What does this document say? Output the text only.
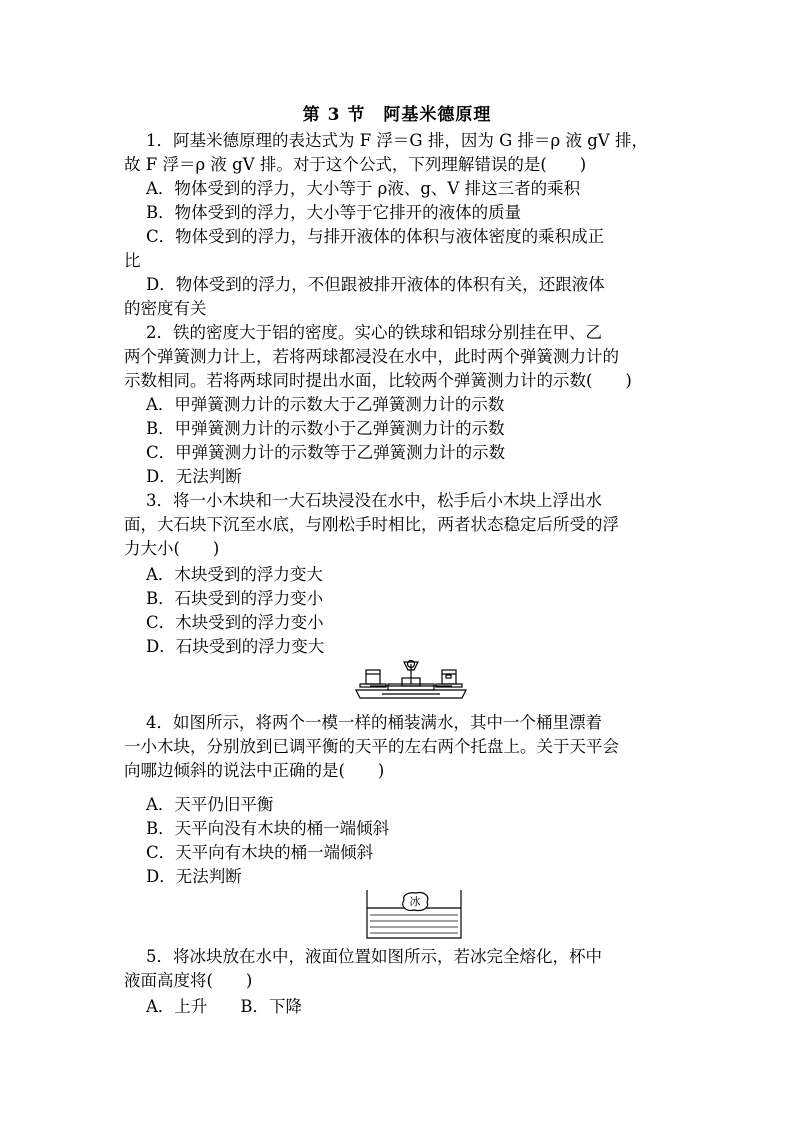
第 3 节　阿基米德原理
1．阿基米德原理的表达式为 F 浮＝G 排，因为 G 排＝ρ 液 gV 排，
故 F 浮＝ρ 液 gV 排。对于这个公式，下列理解错误的是(　　)
A．物体受到的浮力，大小等于 ρ液、g、V 排这三者的乘积
B．物体受到的浮力，大小等于它排开的液体的质量
C．物体受到的浮力，与排开液体的体积与液体密度的乘积成正
比
D．物体受到的浮力，不但跟被排开液体的体积有关，还跟液体
的密度有关
2．铁的密度大于铝的密度。实心的铁球和铝球分别挂在甲、乙
两个弹簧测力计上，若将两球都浸没在水中，此时两个弹簧测力计的
示数相同。若将两球同时提出水面，比较两个弹簧测力计的示数(　　)
A．甲弹簧测力计的示数大于乙弹簧测力计的示数
B．甲弹簧测力计的示数小于乙弹簧测力计的示数
C．甲弹簧测力计的示数等于乙弹簧测力计的示数
D．无法判断
3．将一小木块和一大石块浸没在水中，松手后小木块上浮出水
面，大石块下沉至水底，与刚松手时相比，两者状态稳定后所受的浮
力大小(　　)
A．木块受到的浮力变大
B．石块受到的浮力变小
C．木块受到的浮力变小
D．石块受到的浮力变大
4．如图所示，将两个一模一样的桶装满水，其中一个桶里漂着
一小木块，分别放到已调平衡的天平的左右两个托盘上。关于天平会
向哪边倾斜的说法中正确的是(　　)
A．天平仍旧平衡
B．天平向没有木块的桶一端倾斜
C．天平向有木块的桶一端倾斜
D．无法判断
冰
5．将冰块放在水中，液面位置如图所示，若冰完全熔化，杯中
液面高度将(　　)
A．上升　　B．下降
